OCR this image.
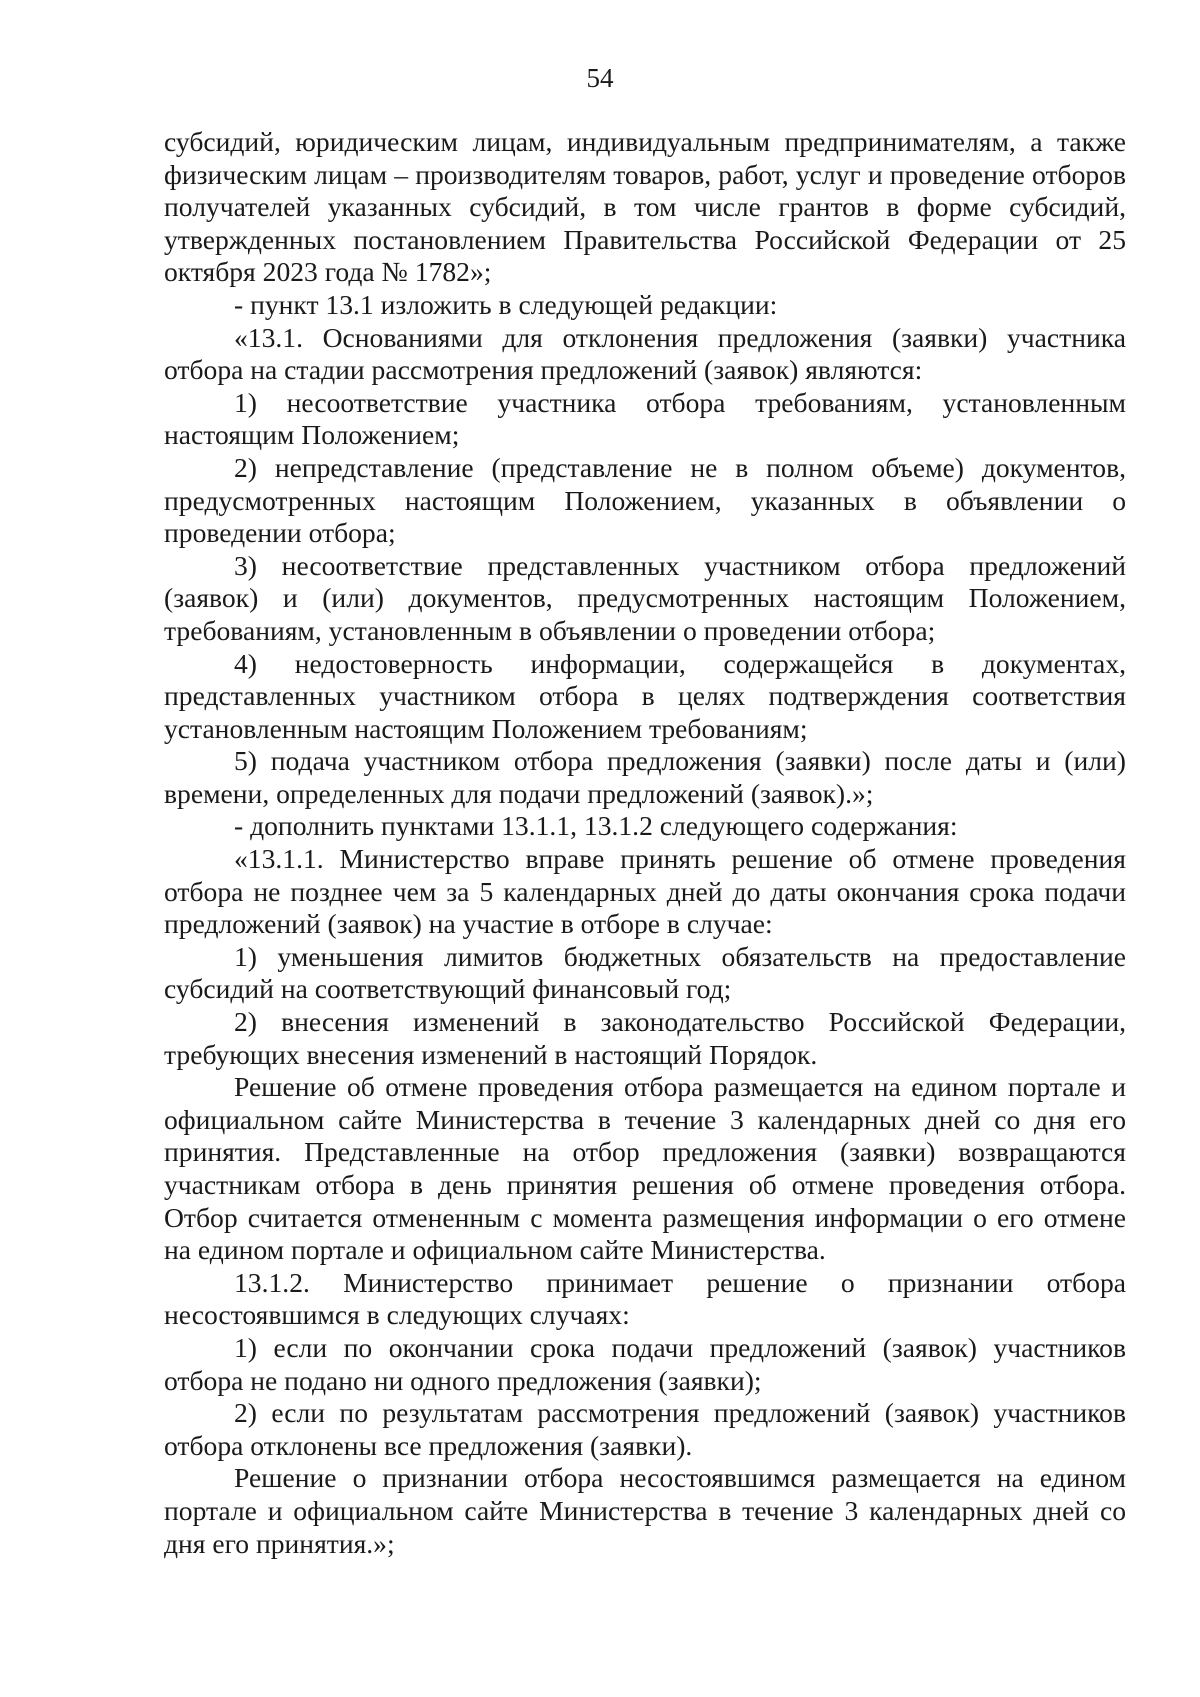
54

субсидий, юридическим лицам, индивидуальным предпринимателям, а также физическим лицам – производителям товаров, работ, услуг и проведение отборов получателей указанных субсидий, в том числе грантов в форме субсидий, утвержденных постановлением Правительства Российской Федерации от 25 октября 2023 года № 1782»;

- пункт 13.1 изложить в следующей редакции:

«13.1. Основаниями для отклонения предложения (заявки) участника отбора на стадии рассмотрения предложений (заявок) являются:

1) несоответствие участника отбора требованиям, установленным настоящим Положением;

2) непредставление (представление не в полном объеме) документов, предусмотренных настоящим Положением, указанных в объявлении о проведении отбора;

3) несоответствие представленных участником отбора предложений (заявок) и (или) документов, предусмотренных настоящим Положением, требованиям, установленным в объявлении о проведении отбора;

4) недостоверность информации, содержащейся в документах, представленных участником отбора в целях подтверждения соответствия установленным настоящим Положением требованиям;

5) подача участником отбора предложения (заявки) после даты и (или) времени, определенных для подачи предложений (заявок).»;

- дополнить пунктами 13.1.1, 13.1.2 следующего содержания:

«13.1.1. Министерство вправе принять решение об отмене проведения отбора не позднее чем за 5 календарных дней до даты окончания срока подачи предложений (заявок) на участие в отборе в случае:

1) уменьшения лимитов бюджетных обязательств на предоставление субсидий на соответствующий финансовый год;

2) внесения изменений в законодательство Российской Федерации, требующих внесения изменений в настоящий Порядок.

Решение об отмене проведения отбора размещается на едином портале и официальном сайте Министерства в течение 3 календарных дней со дня его принятия. Представленные на отбор предложения (заявки) возвращаются участникам отбора в день принятия решения об отмене проведения отбора. Отбор считается отмененным с момента размещения информации о его отмене на едином портале и официальном сайте Министерства.

13.1.2. Министерство принимает решение о признании отбора несостоявшимся в следующих случаях:

1) если по окончании срока подачи предложений (заявок) участников отбора не подано ни одного предложения (заявки);

2) если по результатам рассмотрения предложений (заявок) участников отбора отклонены все предложения (заявки).

Решение о признании отбора несостоявшимся размещается на едином портале и официальном сайте Министерства в течение 3 календарных дней со дня его принятия.»;
